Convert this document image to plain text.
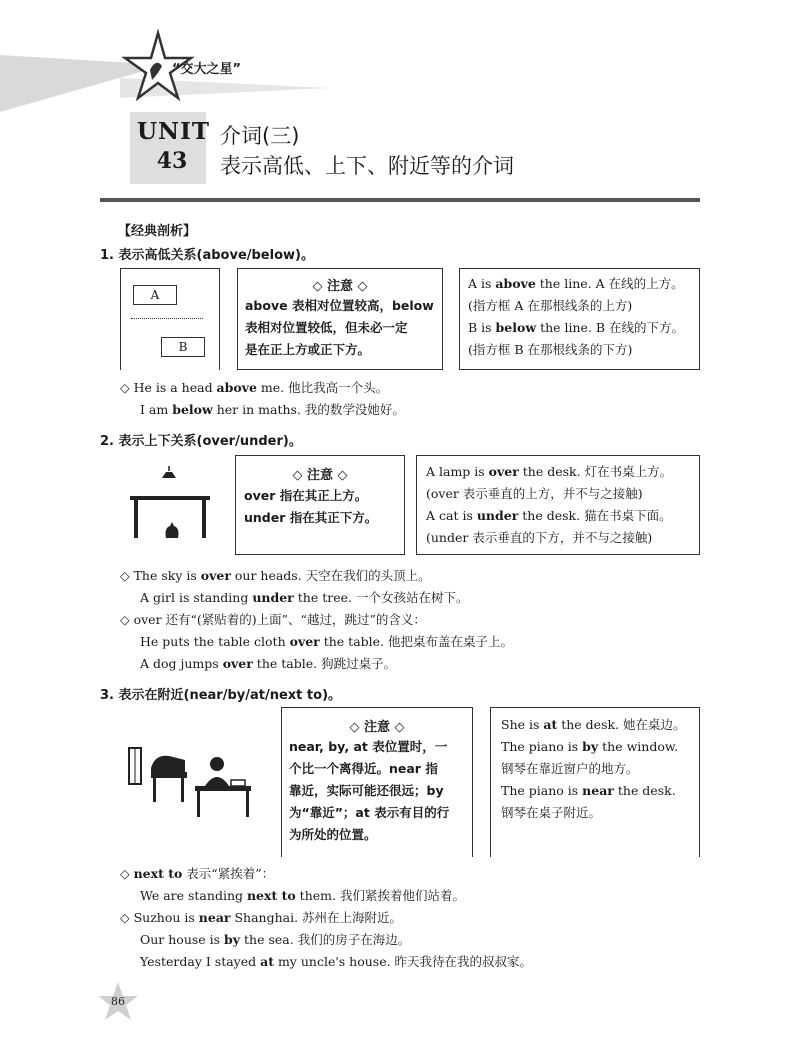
“交大之星”
UNIT
43
介词(三)
表示高低、上下、附近等的介词
【经典剖析】
1. 表示高低关系(above/below)。
A
B
◇ 注意 ◇
above 表相对位置较高，below
表相对位置较低，但未必一定
是在正上方或正下方。
A is above the line. A 在线的上方。
(指方框 A 在那根线条的上方)
B is below the line. B 在线的下方。
(指方框 B 在那根线条的下方)
◇ He is a head above me. 他比我高一个头。
I am below her in maths. 我的数学没她好。
2. 表示上下关系(over/under)。
◇ 注意 ◇
over 指在其正上方。
under 指在其正下方。
A lamp is over the desk. 灯在书桌上方。
(over 表示垂直的上方，并不与之接触)
A cat is under the desk. 猫在书桌下面。
(under 表示垂直的下方，并不与之接触)
◇ The sky is over our heads. 天空在我们的头顶上。
A girl is standing under the tree. 一个女孩站在树下。
◇ over 还有“(紧贴着的)上面”、“越过，跳过”的含义：
He puts the table cloth over the table. 他把桌布盖在桌子上。
A dog jumps over the table. 狗跳过桌子。
3. 表示在附近(near/by/at/next to)。
◇ 注意 ◇
near, by, at 表位置时，一
个比一个离得近。near 指
靠近，实际可能还很远；by
为“靠近”；at 表示有目的行
为所处的位置。
She is at the desk. 她在桌边。
The piano is by the window.
钢琴在靠近窗户的地方。
The piano is near the desk.
钢琴在桌子附近。
◇ next to 表示“紧挨着”：
We are standing next to them. 我们紧挨着他们站着。
◇ Suzhou is near Shanghai. 苏州在上海附近。
Our house is by the sea. 我们的房子在海边。
Yesterday I stayed at my uncle's house. 昨天我待在我的叔叔家。
86
